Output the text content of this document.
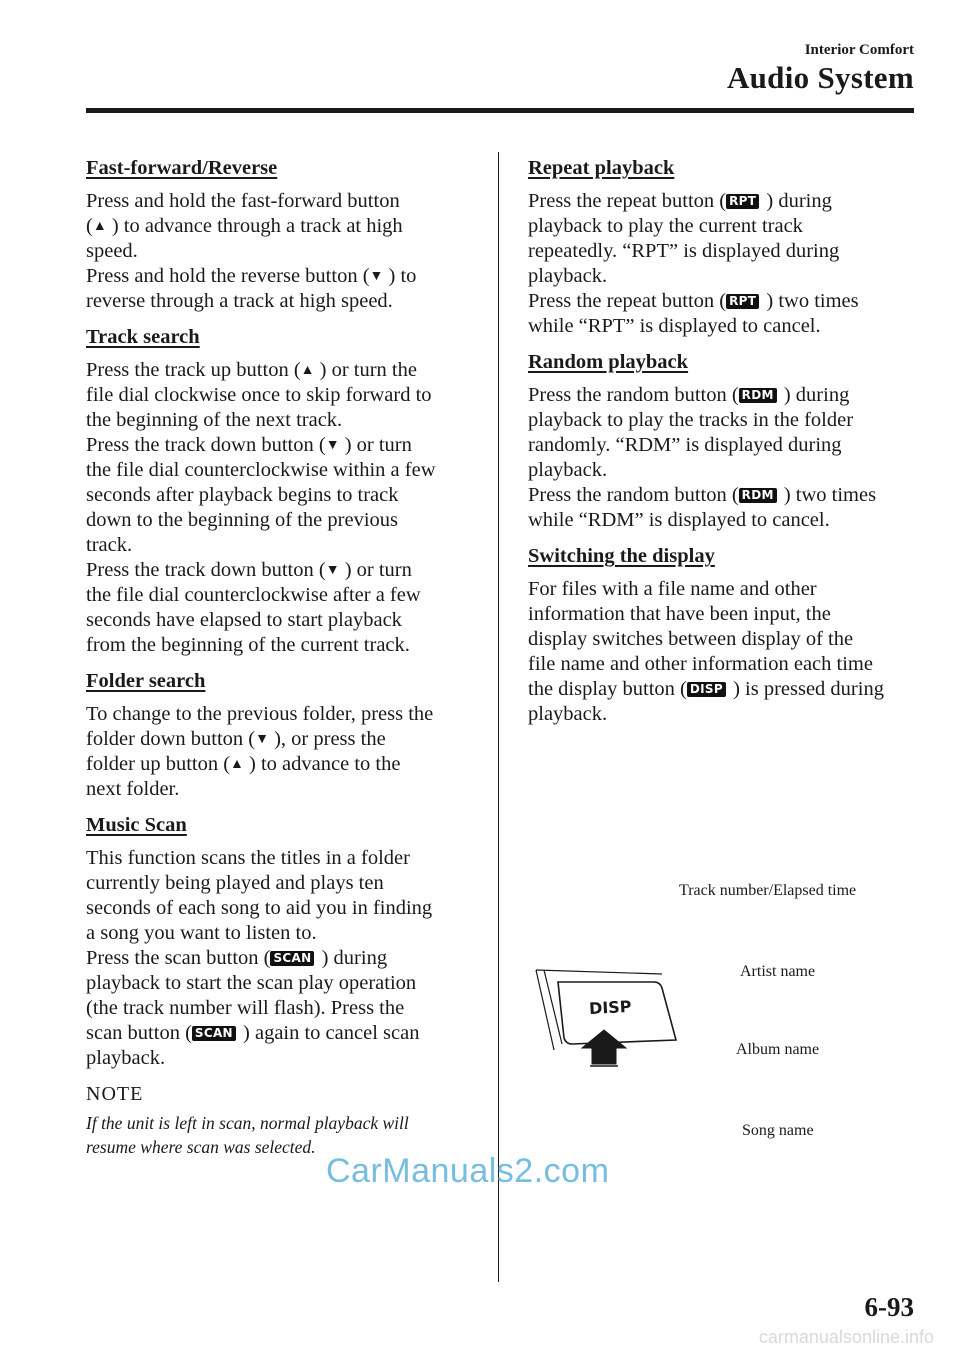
Interior Comfort
Audio System
Fast-forward/Reverse
Press and hold the fast-forward button
(▲ ) to advance through a track at high
speed.
Press and hold the reverse button (▼ ) to
reverse through a track at high speed.
Track search
Press the track up button (▲ ) or turn the
file dial clockwise once to skip forward to
the beginning of the next track.
Press the track down button (▼ ) or turn
the file dial counterclockwise within a few
seconds after playback begins to track
down to the beginning of the previous
track.
Press the track down button (▼ ) or turn
the file dial counterclockwise after a few
seconds have elapsed to start playback
from the beginning of the current track.
Folder search
To change to the previous folder, press the
folder down button (▼ ), or press the
folder up button (▲ ) to advance to the
next folder.
Music Scan
This function scans the titles in a folder
currently being played and plays ten
seconds of each song to aid you in finding
a song you want to listen to.
Press the scan button ( SCAN ) during
playback to start the scan play operation
(the track number will flash). Press the
scan button ( SCAN ) again to cancel scan
playback.
NOTE
If the unit is left in scan, normal playback will
resume where scan was selected.
Repeat playback
Press the repeat button ( RPT ) during
playback to play the current track
repeatedly. “RPT” is displayed during
playback.
Press the repeat button ( RPT ) two times
while “RPT” is displayed to cancel.
Random playback
Press the random button ( RDM ) during
playback to play the tracks in the folder
randomly. “RDM” is displayed during
playback.
Press the random button ( RDM ) two times
while “RDM” is displayed to cancel.
Switching the display
For files with a file name and other
information that have been input, the
display switches between display of the
file name and other information each time
the display button ( DISP ) is pressed during
playback.
Track number/Elapsed time
Artist name
Album name
Song name
DISP
CarManuals2.com
6-93
carmanualsonline.info
